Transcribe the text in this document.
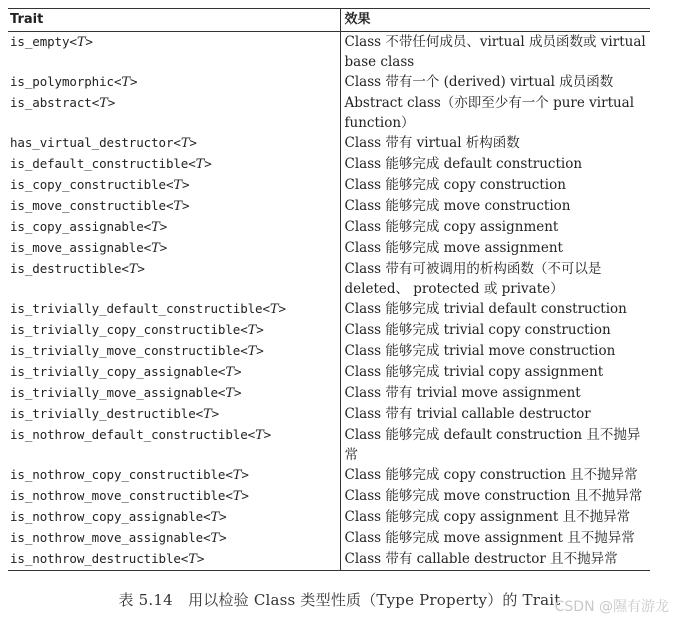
Trait	效果
is_empty<T>	Class 不带任何成员、virtual 成员函数或 virtual base class
is_polymorphic<T>	Class 带有一个 (derived) virtual 成员函数
is_abstract<T>	Abstract class（亦即至少有一个 pure virtual function）
has_virtual_destructor<T>	Class 带有 virtual 析构函数
is_default_constructible<T>	Class 能够完成 default construction
is_copy_constructible<T>	Class 能够完成 copy construction
is_move_constructible<T>	Class 能够完成 move construction
is_copy_assignable<T>	Class 能够完成 copy assignment
is_move_assignable<T>	Class 能够完成 move assignment
is_destructible<T>	Class 带有可被调用的析构函数（不可以是 deleted、 protected 或 private）
is_trivially_default_constructible<T>	Class 能够完成 trivial default construction
is_trivially_copy_constructible<T>	Class 能够完成 trivial copy construction
is_trivially_move_constructible<T>	Class 能够完成 trivial move construction
is_trivially_copy_assignable<T>	Class 能够完成 trivial copy assignment
is_trivially_move_assignable<T>	Class 带有 trivial move assignment
is_trivially_destructible<T>	Class 带有 trivial callable destructor
is_nothrow_default_constructible<T>	Class 能够完成 default construction 且不抛异常
is_nothrow_copy_constructible<T>	Class 能够完成 copy construction 且不抛异常
is_nothrow_move_constructible<T>	Class 能够完成 move construction 且不抛异常
is_nothrow_copy_assignable<T>	Class 能够完成 copy assignment 且不抛异常
is_nothrow_move_assignable<T>	Class 能够完成 move assignment 且不抛异常
is_nothrow_destructible<T>	Class 带有 callable destructor 且不抛异常
表 5.14　用以检验 Class 类型性质（Type Property）的 Trait
CSDN @隰有游龙
